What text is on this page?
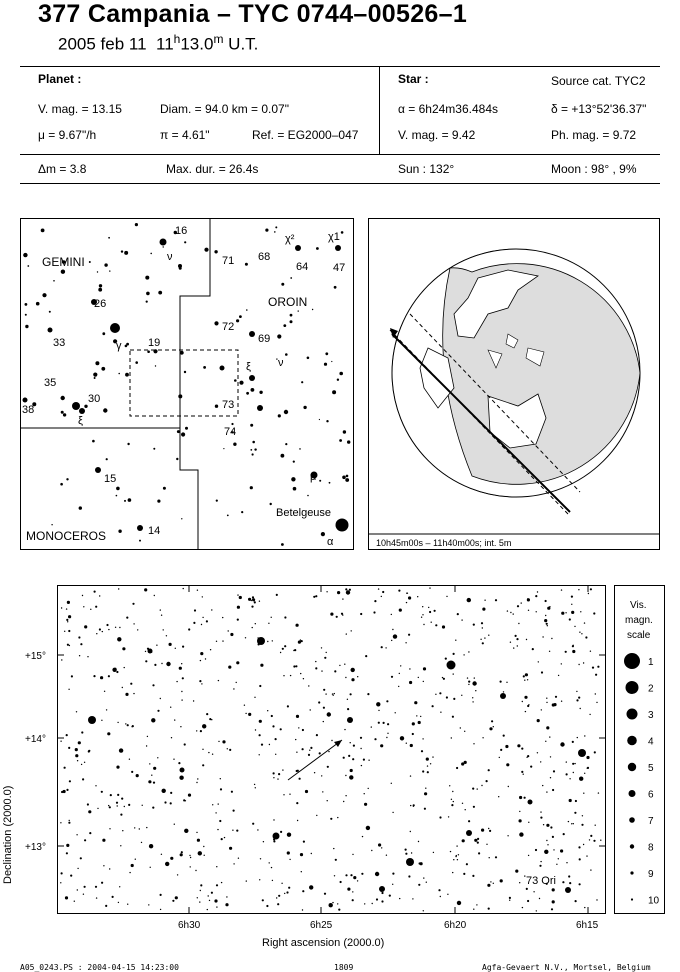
377 Campania – TYC 0744–00526–1
2005 feb 11 11$^h$13.0$^m$ U.T.
Planet :	Star :	Source cat. TYC2
V. mag. = 13.15	Diam. = 94.0 km = 0.07"	α = 6h24m36.484s	δ = +13°52'36.37"
μ = 9.67"/h	π = 4.61"	Ref. = EG2000–047	V. mag. = 9.42	Ph. mag. = 9.72
Δm = 3.8	Max. dur. = 26.4s	Sun : 132°	Moon : 98° , 9%
GEMINI
OROIN
MONOCEROS
Betelgeuse
16
ν
χ²	χ1
71 68
64 47
26
33	γ 19
72
69
ξ ν
35
30
38
ξ
73
74
15	μ
14
α	10h45m00s – 11h40m00s; int. 5m
+15°
+14°
+13°
6h30	6h25	6h20	6h15
Right ascension (2000.0)
Declination (2000.0)	73 Ori
Vis.
magn.
scale
1
2
3
4
5
6
7
8
9
10
A05_0243.PS : 2004-04-15 14:23:00	1809	Agfa-Gevaert N.V., Mortsel, Belgium
